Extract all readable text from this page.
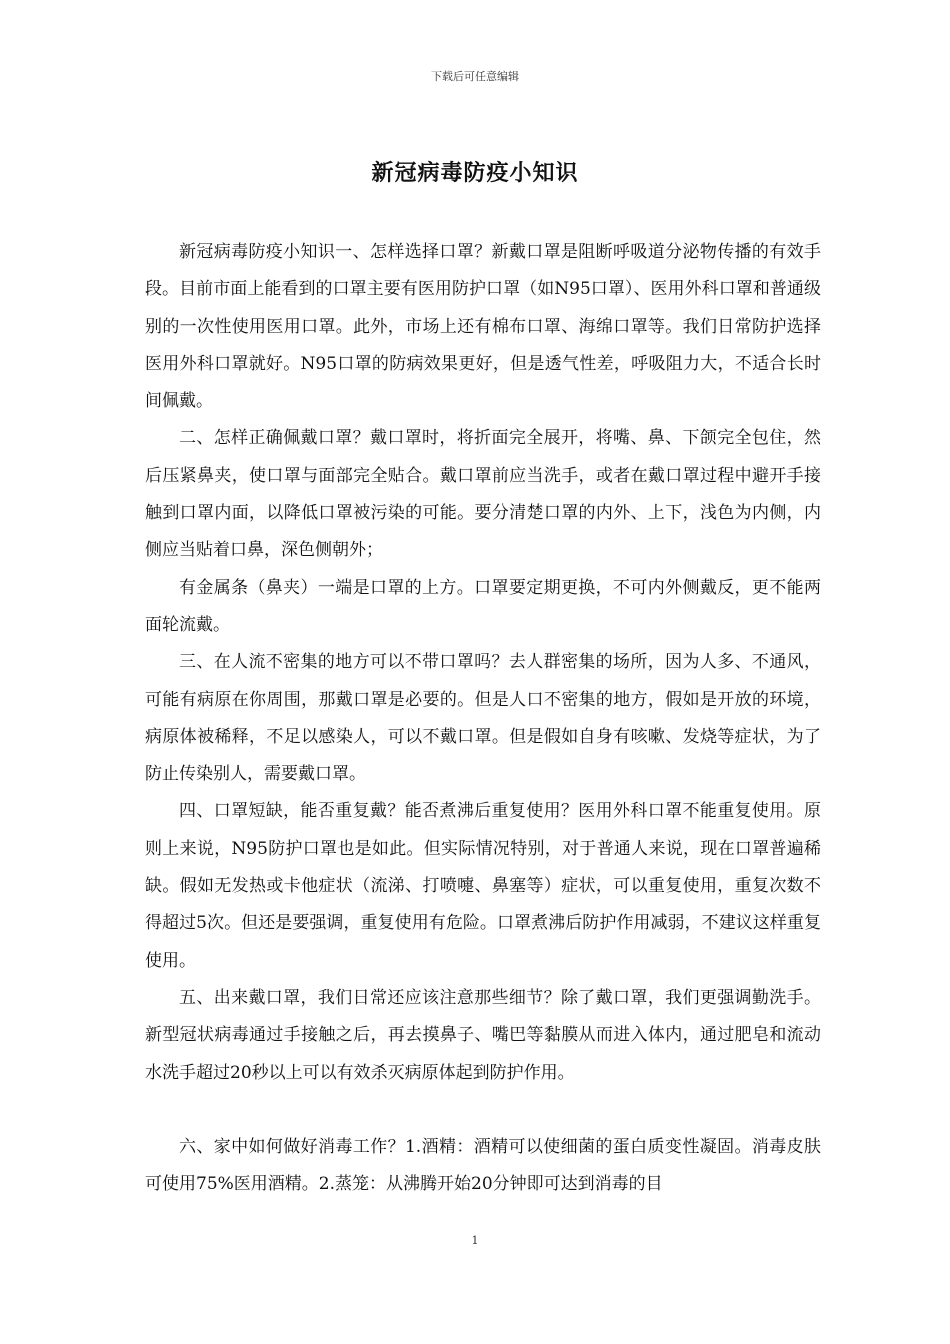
下载后可任意编辑
新冠病毒防疫小知识

新冠病毒防疫小知识一、怎样选择口罩？新戴口罩是阻断呼吸道分泌物传播的有效手段。目前市面上能看到的口罩主要有医用防护口罩（如N95口罩）、医用外科口罩和普通级别的一次性使用医用口罩。此外，市场上还有棉布口罩、海绵口罩等。我们日常防护选择医用外科口罩就好。N95口罩的防病效果更好，但是透气性差，呼吸阻力大，不适合长时间佩戴。

二、怎样正确佩戴口罩？戴口罩时，将折面完全展开，将嘴、鼻、下颌完全包住，然后压紧鼻夹，使口罩与面部完全贴合。戴口罩前应当洗手，或者在戴口罩过程中避开手接触到口罩内面，以降低口罩被污染的可能。要分清楚口罩的内外、上下，浅色为内侧，内侧应当贴着口鼻，深色侧朝外；

有金属条（鼻夹）一端是口罩的上方。口罩要定期更换，不可内外侧戴反，更不能两面轮流戴。

三、在人流不密集的地方可以不带口罩吗？去人群密集的场所，因为人多、不通风，可能有病原在你周围，那戴口罩是必要的。但是人口不密集的地方，假如是开放的环境，病原体被稀释，不足以感染人，可以不戴口罩。但是假如自身有咳嗽、发烧等症状，为了防止传染别人，需要戴口罩。

四、口罩短缺，能否重复戴？能否煮沸后重复使用？医用外科口罩不能重复使用。原则上来说，N95防护口罩也是如此。但实际情况特别，对于普通人来说，现在口罩普遍稀缺。假如无发热或卡他症状（流涕、打喷嚏、鼻塞等）症状，可以重复使用，重复次数不得超过5次。但还是要强调，重复使用有危险。口罩煮沸后防护作用减弱，不建议这样重复使用。

五、出来戴口罩，我们日常还应该注意那些细节？除了戴口罩，我们更强调勤洗手。新型冠状病毒通过手接触之后，再去摸鼻子、嘴巴等黏膜从而进入体内，通过肥皂和流动水洗手超过20秒以上可以有效杀灭病原体起到防护作用。

六、家中如何做好消毒工作？1.酒精：酒精可以使细菌的蛋白质变性凝固。消毒皮肤可使用75%医用酒精。2.蒸笼：从沸腾开始20分钟即可达到消毒的目

1
